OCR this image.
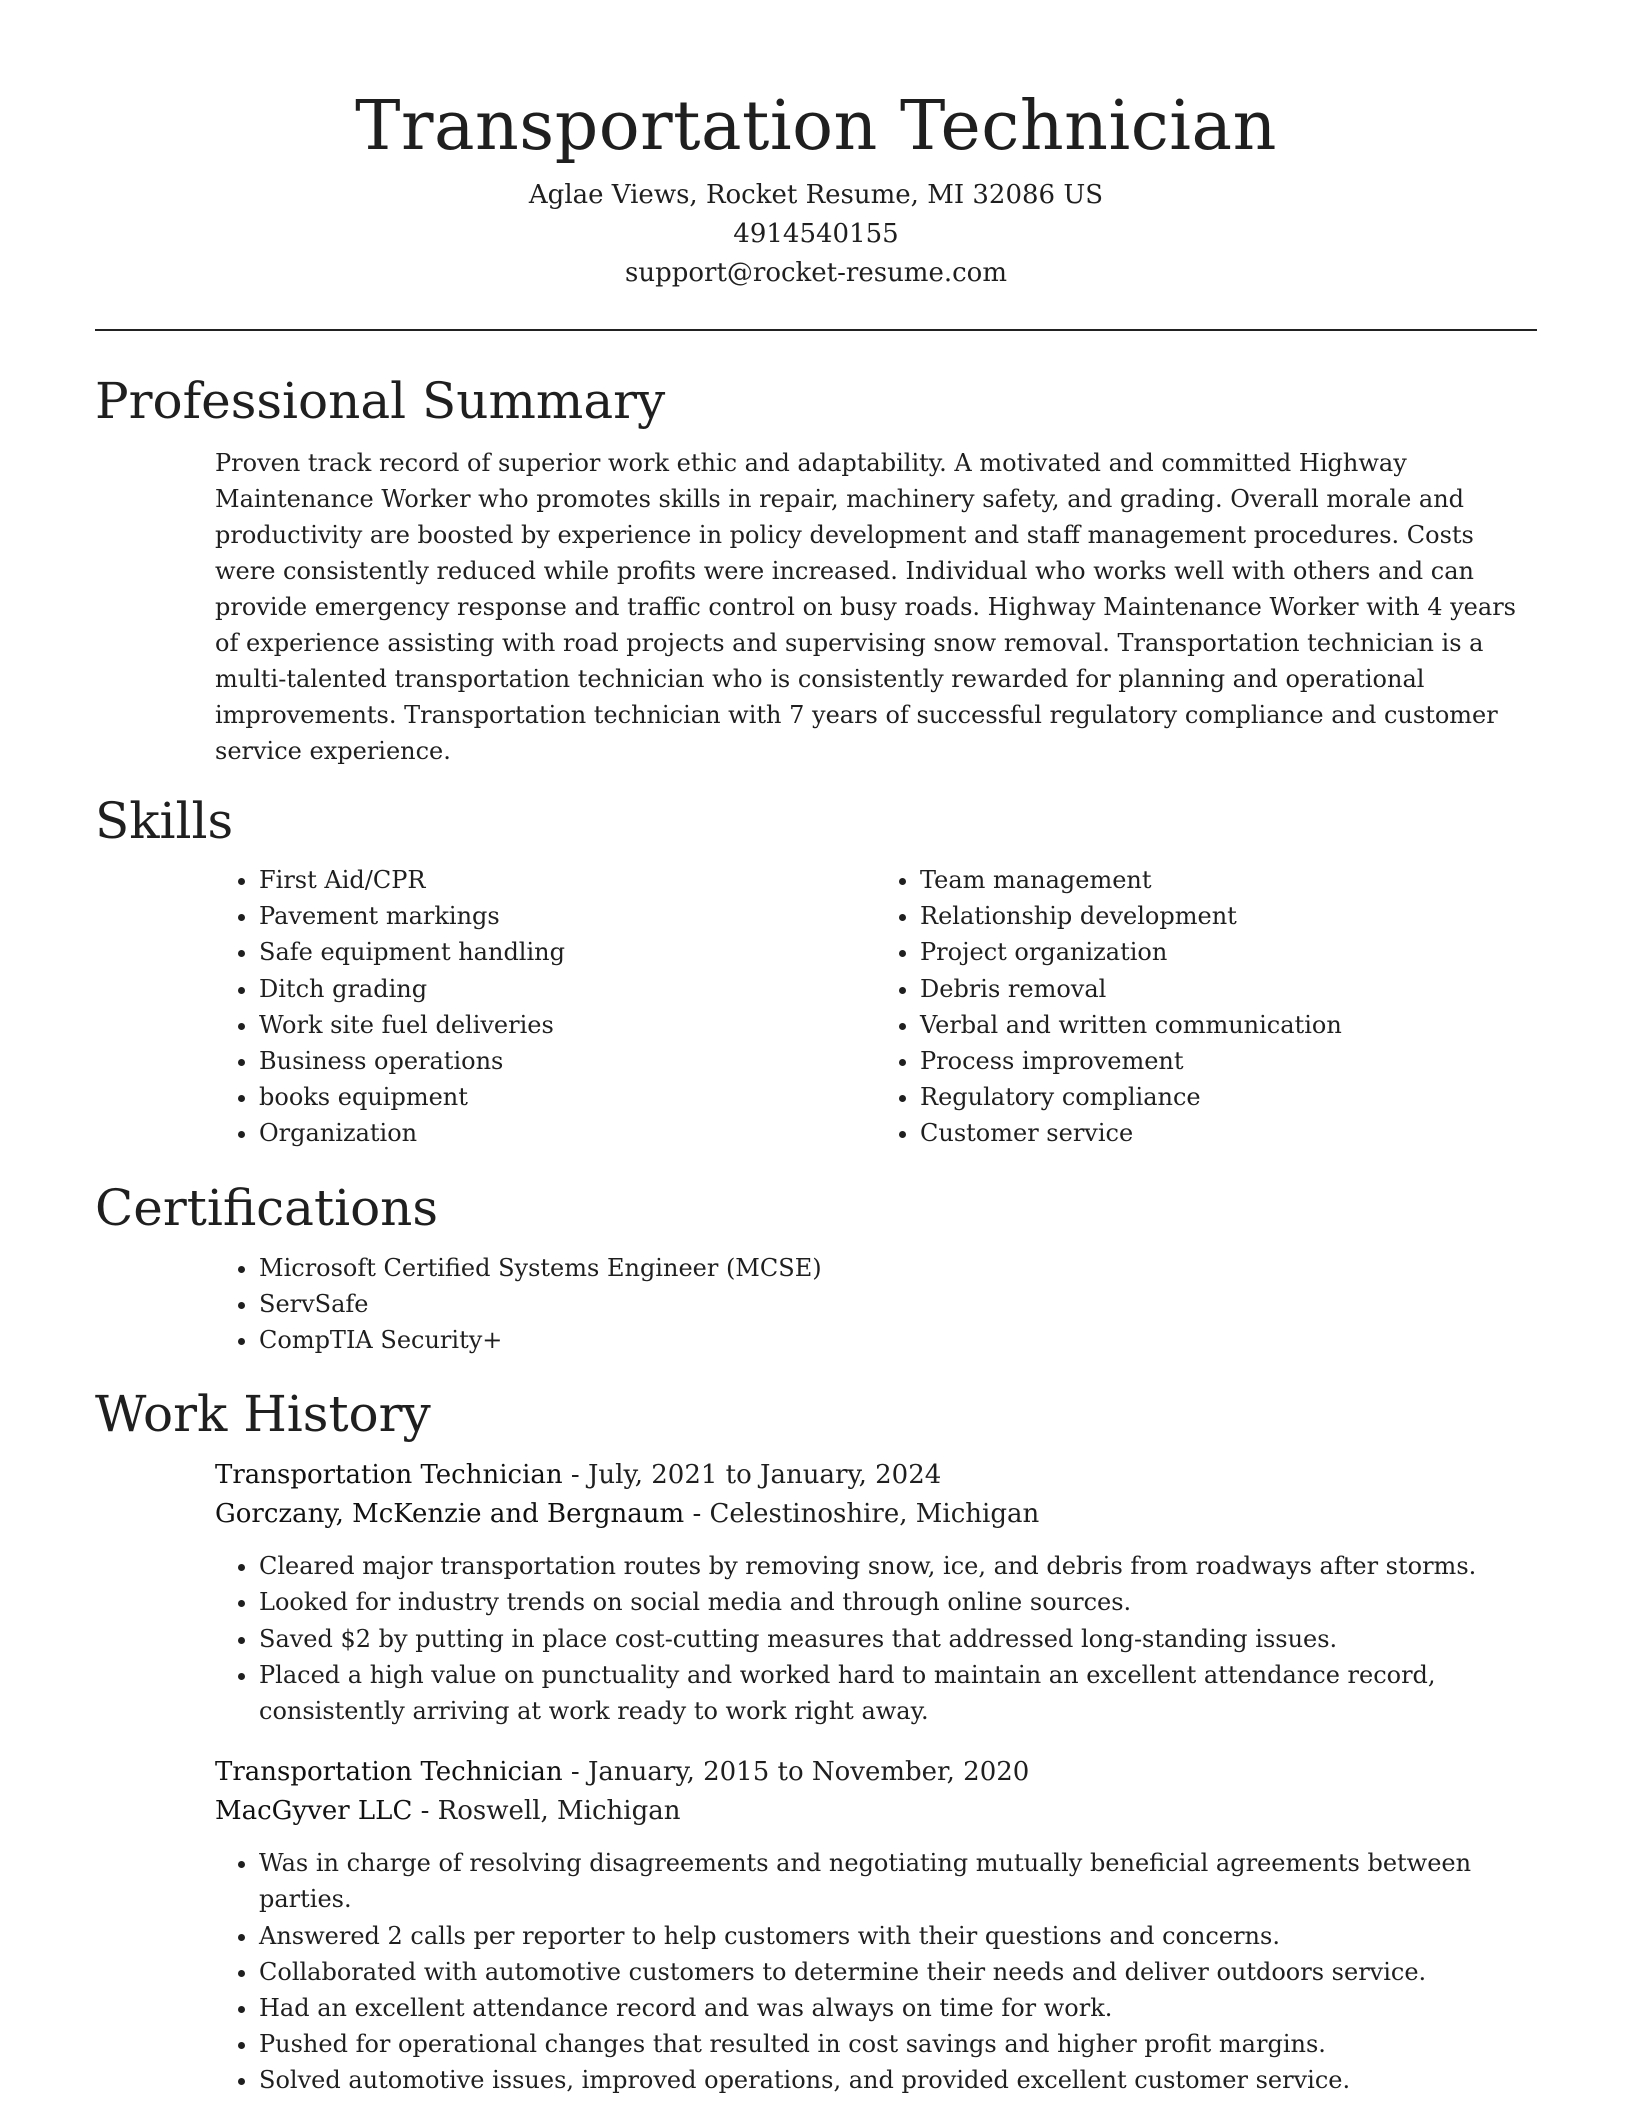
Transportation Technician
Aglae Views, Rocket Resume, MI 32086 US
4914540155
support@rocket-resume.com
Professional Summary

Proven track record of superior work ethic and adaptability. A motivated and committed Highway Maintenance Worker who promotes skills in repair, machinery safety, and grading. Overall morale and productivity are boosted by experience in policy development and staff management procedures. Costs were consistently reduced while profits were increased. Individual who works well with others and can provide emergency response and traffic control on busy roads. Highway Maintenance Worker with 4 years of experience assisting with road projects and supervising snow removal. Transportation technician is a multi-talented transportation technician who is consistently rewarded for planning and operational improvements. Transportation technician with 7 years of successful regulatory compliance and customer service experience.

Skills
• First Aid/CPR
• Pavement markings
• Safe equipment handling
• Ditch grading
• Work site fuel deliveries
• Business operations
• books equipment
• Organization
• Team management
• Relationship development
• Project organization
• Debris removal
• Verbal and written communication
• Process improvement
• Regulatory compliance
• Customer service
Certifications
• Microsoft Certified Systems Engineer (MCSE)
• ServSafe
• CompTIA Security+
Work History
Transportation Technician - July, 2021 to January, 2024
Gorczany, McKenzie and Bergnaum - Celestinoshire, Michigan
• Cleared major transportation routes by removing snow, ice, and debris from roadways after storms.
• Looked for industry trends on social media and through online sources.
• Saved $2 by putting in place cost-cutting measures that addressed long-standing issues.
• Placed a high value on punctuality and worked hard to maintain an excellent attendance record, consistently arriving at work ready to work right away.
Transportation Technician - January, 2015 to November, 2020
MacGyver LLC - Roswell, Michigan
• Was in charge of resolving disagreements and negotiating mutually beneficial agreements between parties.
• Answered 2 calls per reporter to help customers with their questions and concerns.
• Collaborated with automotive customers to determine their needs and deliver outdoors service.
• Had an excellent attendance record and was always on time for work.
• Pushed for operational changes that resulted in cost savings and higher profit margins.
• Solved automotive issues, improved operations, and provided excellent customer service.
